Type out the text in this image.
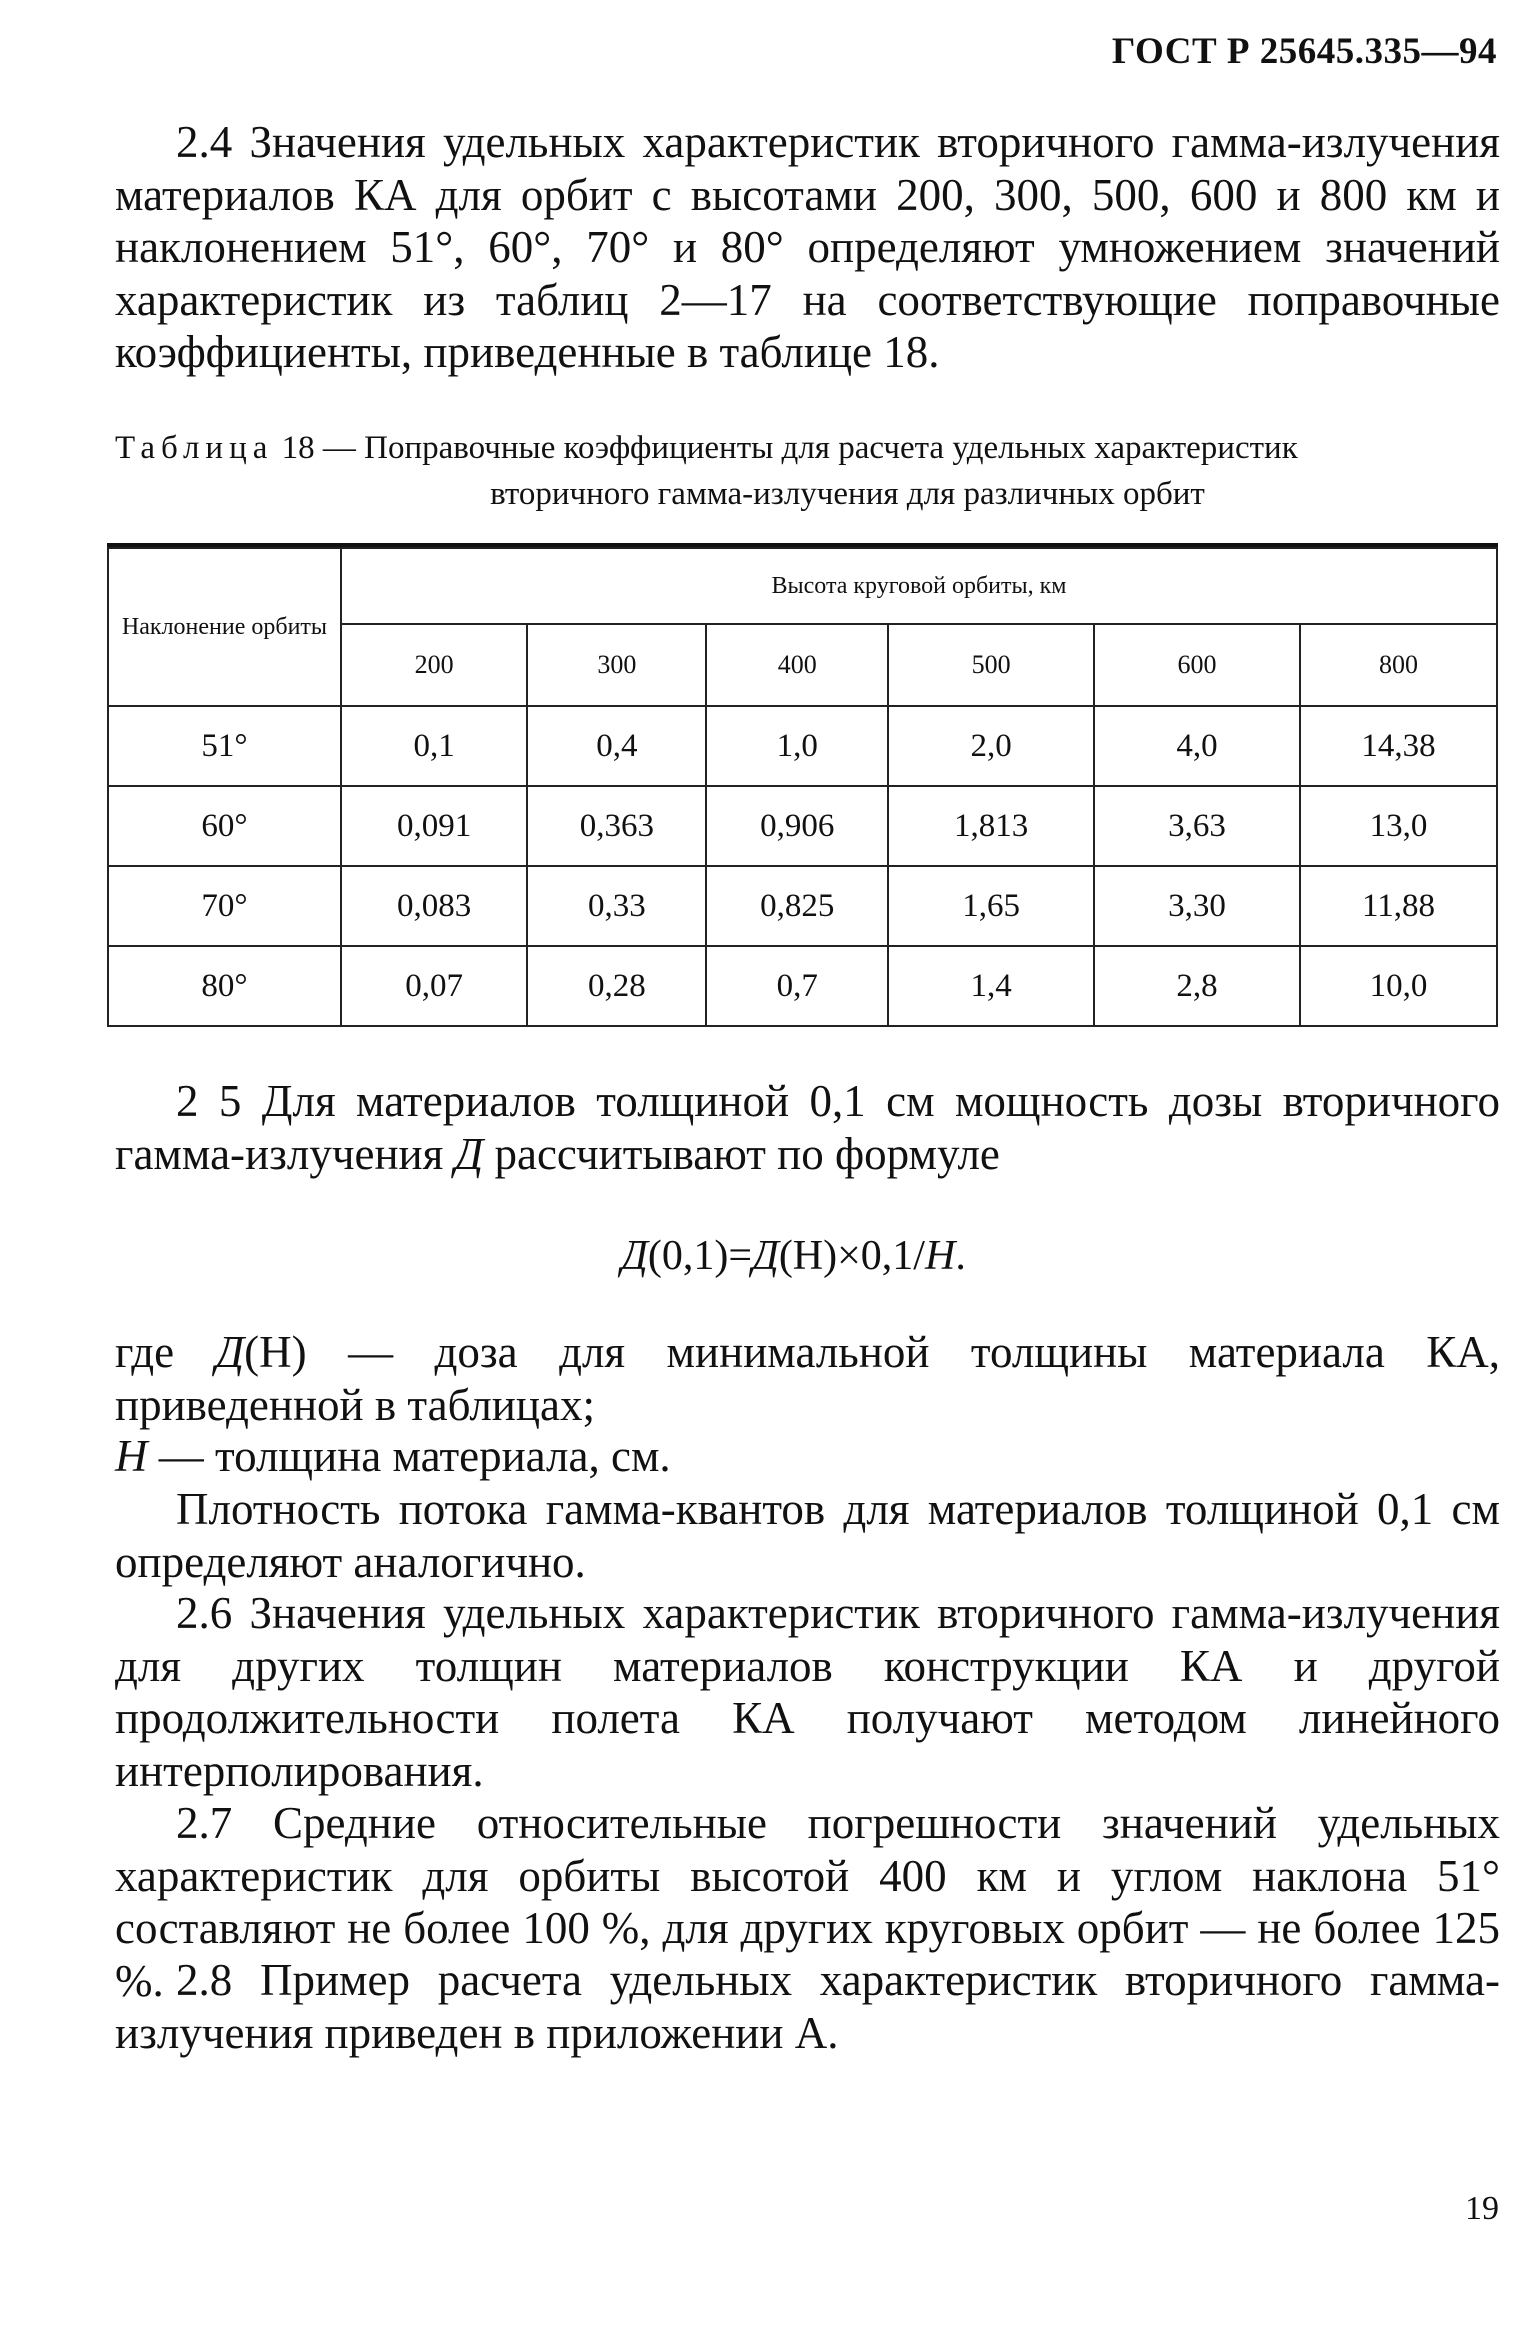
ГОСТ Р 25645.335—94

2.4 Значения удельных характеристик вторичного гамма-излучения материалов КА для орбит с высотами 200, 300, 500, 600 и 800 км и наклонением 51°, 60°, 70° и 80° определяют умножением значений характеристик из таблиц 2—17 на соответствующие поправочные коэффициенты, приведенные в таблице 18.

Таблица 18 — Поправочные коэффициенты для расчета удельных характеристик
вторичного гамма-излучения для различных орбит
Наклонение орбиты	Высота круговой орбиты, км					
	200	300	400	500	600	800
51°	0,1	0,4	1,0	2,0	4,0	14,38
60°	0,091	0,363	0,906	1,813	3,63	13,0
70°	0,083	0,33	0,825	1,65	3,30	11,88
80°	0,07	0,28	0,7	1,4	2,8	10,0

2 5 Для материалов толщиной 0,1 см мощность дозы вторичного гамма-излучения Д рассчитывают по формуле

Д(0,1)=Д(H)×0,1/H.

где Д(H) — доза для минимальной толщины материала КА, приведенной в таблицах;

H — толщина материала, см.

Плотность потока гамма-квантов для материалов толщиной 0,1 см определяют аналогично.

2.6 Значения удельных характеристик вторичного гамма-излучения для других толщин материалов конструкции КА и другой продолжительности полета КА получают методом линейного интерполирования.

2.7 Средние относительные погрешности значений удельных характеристик для орбиты высотой 400 км и углом наклона 51° составляют не более 100 %, для других круговых орбит — не более 125 %. 2.8 Пример расчета удельных характеристик вторичного гамма-излучения приведен в приложении А.

19
